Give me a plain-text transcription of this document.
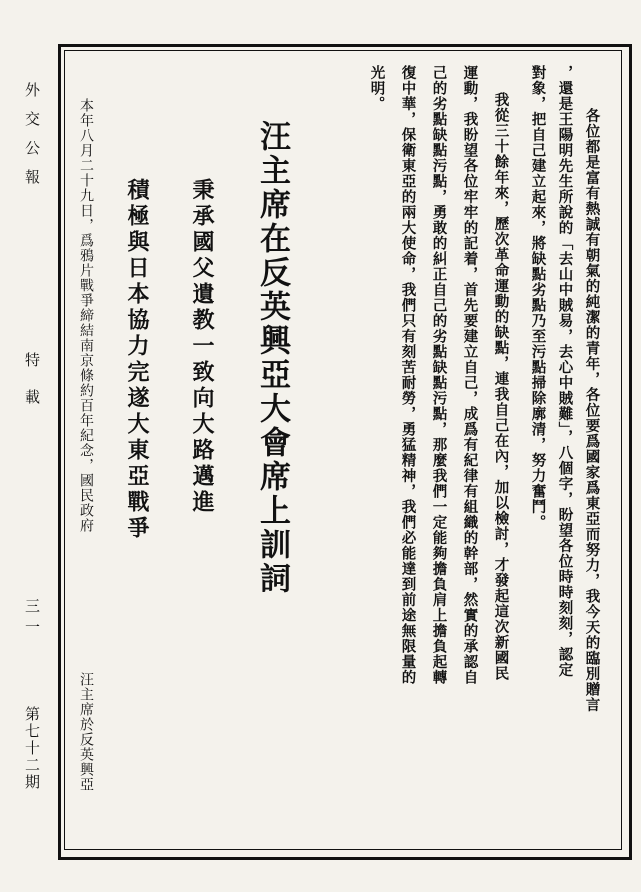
外交公報
特載
三一
第七十二期
本年八月二十九日，爲鴉片戰爭締結南京條約百年紀念，國民政府
汪主席於反英興亞
積極與日本協力完遂大東亞戰爭 秉承國父遺教一致向大路邁進 汪主席在反英興亞大會席上訓詞	各位都是富有熱誠有朝氣的純潔的青年，各位要爲國家爲東亞而努力，我今天的臨別贈言
，還是王陽明先生所說的「去山中賊易，去心中賊難」，八個字，盼望各位時時刻刻，認定
對象，把自己建立起來，將缺點劣點乃至污點掃除廓清，努力奮鬥。
我從三十餘年來，歷次革命運動的缺點，連我自己在內，加以檢討，才發起這次新國民
運動，我盼望各位牢牢的記着，首先要建立自己，成爲有紀律有組織的幹部，然實的承認自
己的劣點缺點污點，勇敢的糾正自己的劣點缺點污點，那麼我們一定能夠擔負肩上擔負起轉
復中華，保衛東亞的兩大使命，我們只有刻苦耐勞，勇猛精神，我們必能達到前途無限量的
光明。
